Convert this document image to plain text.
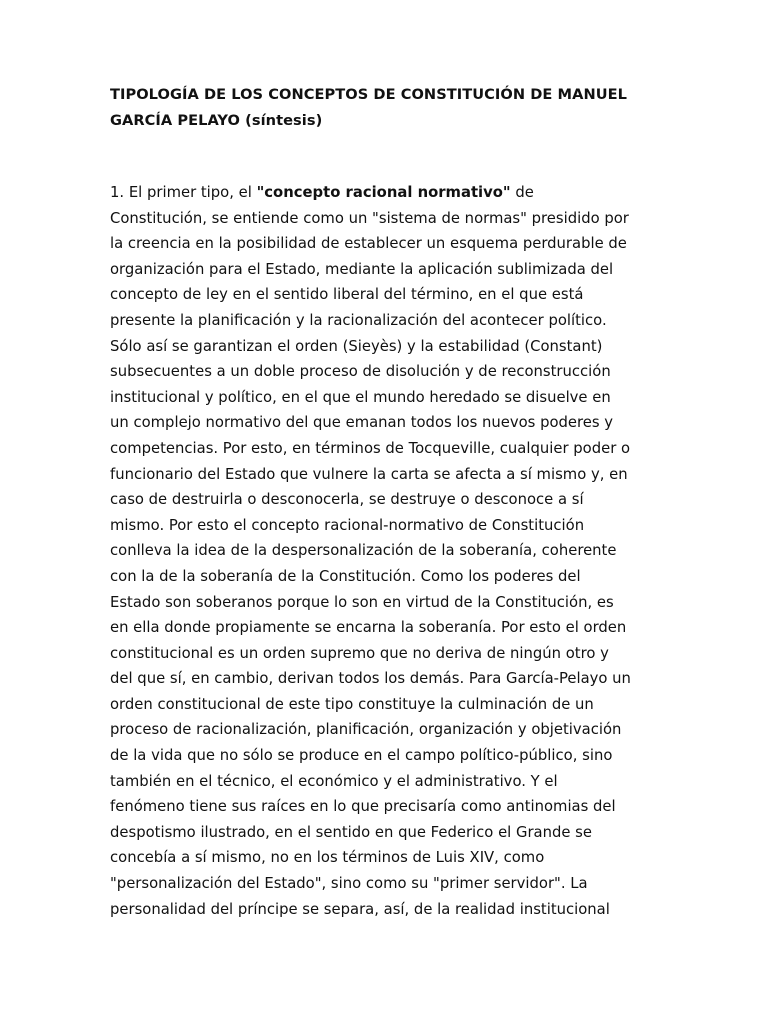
TIPOLOGÍA DE LOS CONCEPTOS DE CONSTITUCIÓN DE MANUEL
GARCÍA PELAYO (síntesis)

1. El primer tipo, el "concepto racional normativo" de
Constitución, se entiende como un "sistema de normas" presidido por
la creencia en la posibilidad de establecer un esquema perdurable de
organización para el Estado, mediante la aplicación sublimizada del
concepto de ley en el sentido liberal del término, en el que está
presente la planificación y la racionalización del acontecer político.
Sólo así se garantizan el orden (Sieyès) y la estabilidad (Constant)
subsecuentes a un doble proceso de disolución y de reconstrucción
institucional y político, en el que el mundo heredado se disuelve en
un complejo normativo del que emanan todos los nuevos poderes y
competencias. Por esto, en términos de Tocqueville, cualquier poder o
funcionario del Estado que vulnere la carta se afecta a sí mismo y, en
caso de destruirla o desconocerla, se destruye o desconoce a sí
mismo. Por esto el concepto racional-normativo de Constitución
conlleva la idea de la despersonalización de la soberanía, coherente
con la de la soberanía de la Constitución. Como los poderes del
Estado son soberanos porque lo son en virtud de la Constitución, es
en ella donde propiamente se encarna la soberanía. Por esto el orden
constitucional es un orden supremo que no deriva de ningún otro y
del que sí, en cambio, derivan todos los demás. Para García-Pelayo un
orden constitucional de este tipo constituye la culminación de un
proceso de racionalización, planificación, organización y objetivación
de la vida que no sólo se produce en el campo político-público, sino
también en el técnico, el económico y el administrativo. Y el
fenómeno tiene sus raíces en lo que precisaría como antinomias del
despotismo ilustrado, en el sentido en que Federico el Grande se
concebía a sí mismo, no en los términos de Luis XIV, como
"personalización del Estado", sino como su "primer servidor". La
personalidad del príncipe se separa, así, de la realidad institucional
